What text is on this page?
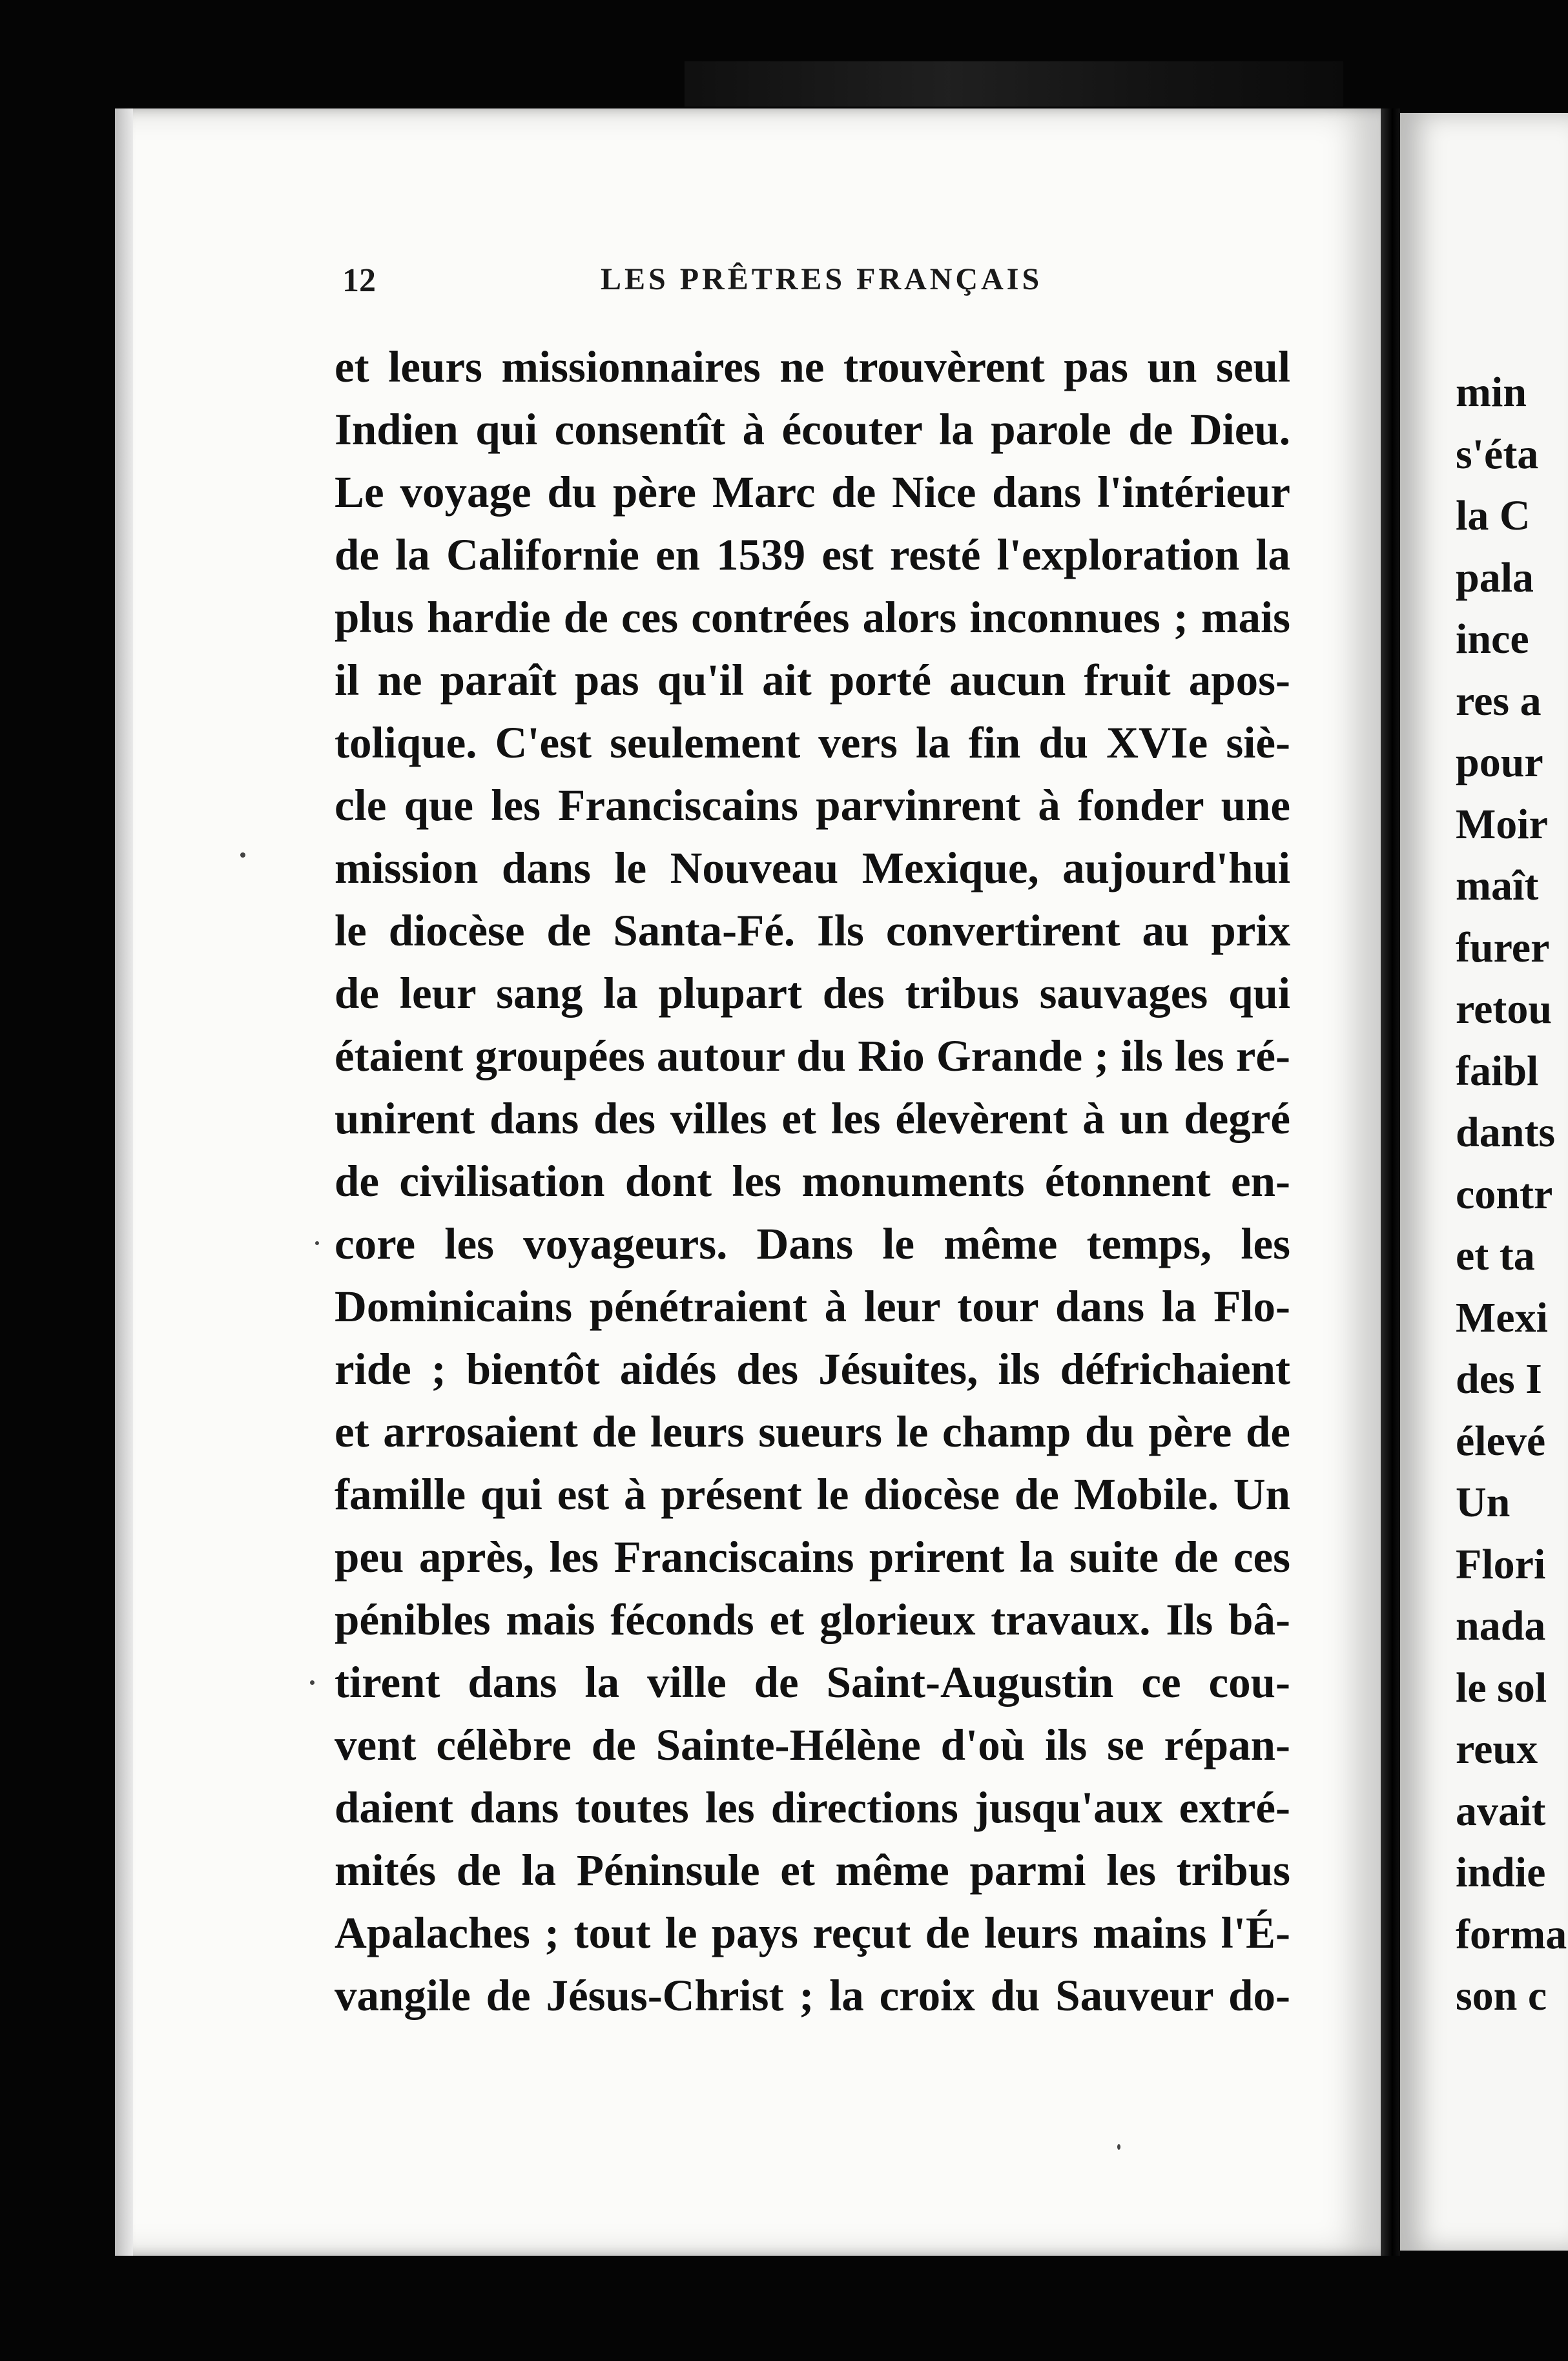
12	LES PRÊTRES FRANÇAIS
et leurs missionnaires ne trouvèrent pas un seul
Indien qui consentît à écouter la parole de Dieu.
Le voyage du père Marc de Nice dans l'intérieur
de la Californie en 1539 est resté l'exploration la
plus hardie de ces contrées alors inconnues ; mais
il ne paraît pas qu'il ait porté aucun fruit apos-
tolique. C'est seulement vers la fin du XVIe siè-
cle que les Franciscains parvinrent à fonder une
mission dans le Nouveau Mexique, aujourd'hui
le diocèse de Santa-Fé. Ils convertirent au prix
de leur sang la plupart des tribus sauvages qui
étaient groupées autour du Rio Grande ; ils les ré-
unirent dans des villes et les élevèrent à un degré
de civilisation dont les monuments étonnent en-
core les voyageurs. Dans le même temps, les
Dominicains pénétraient à leur tour dans la Flo-
ride ; bientôt aidés des Jésuites, ils défrichaient
et arrosaient de leurs sueurs le champ du père de
famille qui est à présent le diocèse de Mobile. Un
peu après, les Franciscains prirent la suite de ces
pénibles mais féconds et glorieux travaux. Ils bâ-
tirent dans la ville de Saint-Augustin ce cou-
vent célèbre de Sainte-Hélène d'où ils se répan-
daient dans toutes les directions jusqu'aux extré-
mités de la Péninsule et même parmi les tribus
Apalaches ; tout le pays reçut de leurs mains l'É-
vangile de Jésus-Christ ; la croix du Sauveur do-
min
s'éta
la C
pala
ince
res a
pour
Moir
maît
furer
retou
faibl
dants
contr
et ta
Mexi
des I
élevé
Un
Flori
nada
le sol
reux
avait
indie
forma
son c
